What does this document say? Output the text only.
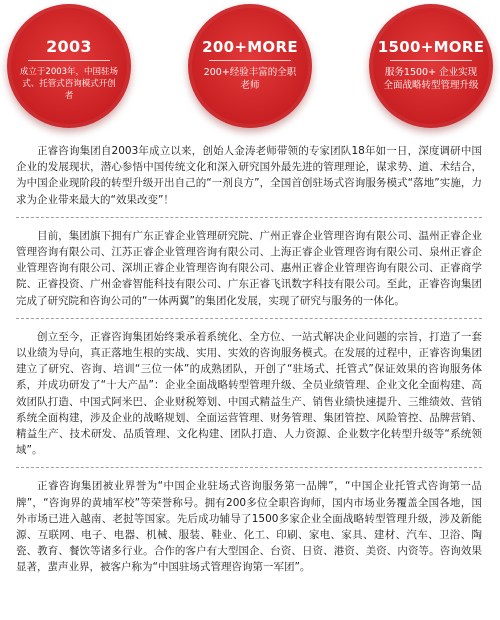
2003
成立于2003年，中国驻场式、托管式咨询模式开创者
200+MORE
200+经验丰富的全职老师
1500+MORE
服务1500+ 企业实现全面战略转型管理升级

正睿咨询集团自2003年成立以来，创始人金涛老师带领的专家团队18年如一日，深度调研中国企业的发展现状，潜心参悟中国传统文化和深入研究国外最先进的管理理论，谋求势、道、术结合，为中国企业现阶段的转型升级开出自己的“一剂良方”，全国首创驻场式咨询服务模式“落地”实施，力求为企业带来最大的“效果改变”！

目前，集团旗下拥有广东正睿企业管理研究院、广州正睿企业管理咨询有限公司、温州正睿企业管理咨询有限公司、江苏正睿企业管理咨询有限公司、上海正睿企业管理咨询有限公司、泉州正睿企业管理咨询有限公司、深圳正睿企业管理咨询有限公司、惠州正睿企业管理咨询有限公司、正睿商学院、正睿投资、广州金睿智能科技有限公司、广东正睿飞讯数字科技有限公司。至此，正睿咨询集团完成了研究院和咨询公司的“一体两翼”的集团化发展，实现了研究与服务的一体化。

创立至今，正睿咨询集团始终秉承着系统化、全方位、一站式解决企业问题的宗旨，打造了一套以业绩为导向，真正落地生根的实战、实用、实效的咨询服务模式。在发展的过程中，正睿咨询集团建立了研究、咨询、培训“三位一体”的成熟团队，开创了“驻场式、托管式”保证效果的咨询服务体系，并成功研发了“十大产品”：企业全面战略转型管理升级、全员业绩管理、企业文化全面构建、高效团队打造、中国式阿米巴、企业财税筹划、中国式精益生产、销售业绩快速提升、三维绩效、营销系统全面构建，涉及企业的战略规划、全面运营管理、财务管理、集团管控、风险管控、品牌营销、精益生产、技术研发、品质管理、文化构建、团队打造、人力资源、企业数字化转型升级等“系统领域”。

正睿咨询集团被业界誉为“中国企业驻场式咨询服务第一品牌”，“中国企业托管式咨询第一品牌”，“咨询界的黄埔军校”等荣誉称号。拥有200多位全职咨询师，国内市场业务覆盖全国各地，国外市场已进入越南、老挝等国家。先后成功辅导了1500多家企业全面战略转型管理升级，涉及新能源、互联网、电子、电器、机械、服装、鞋业、化工、印刷、家电、家具、建材、汽车、卫浴、陶瓷、教育、餐饮等诸多行业。合作的客户有大型国企、台资、日资、港资、美资、内资等。咨询效果显著，蜚声业界，被客户称为“中国驻场式管理咨询第一军团”。
